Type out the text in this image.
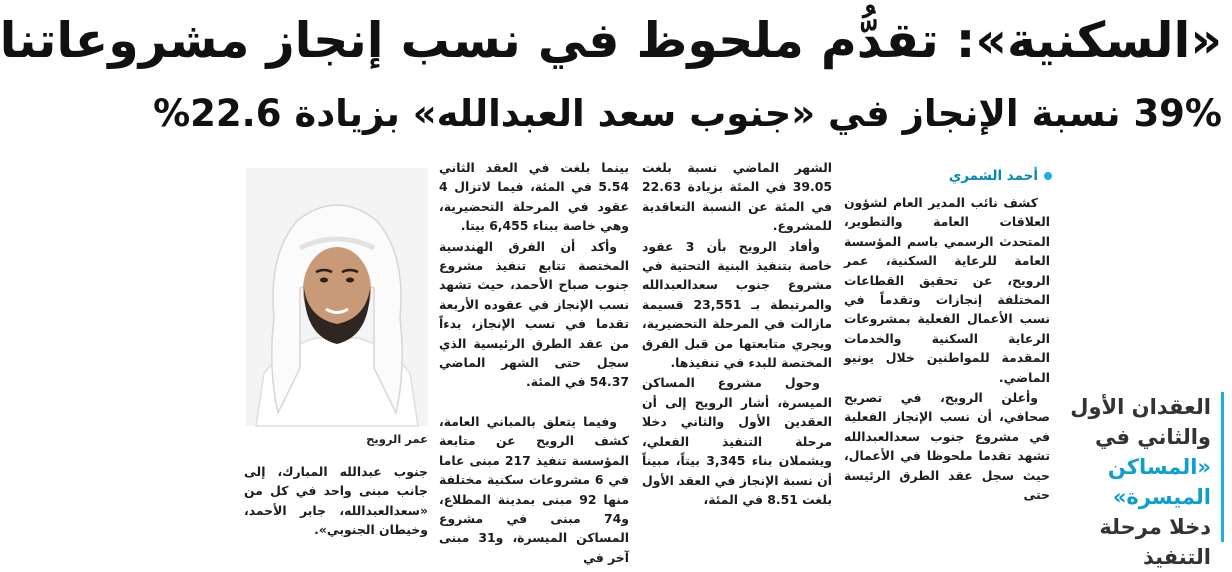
«السكنية»: تقدُّم ملحوظ في نسب إنجاز مشروعاتنا
39% نسبة الإنجاز في «جنوب سعد العبدالله» بزيادة 22.6%
أحمد الشمري

كشف نائب المدير العام لشؤون العلاقات العامة والتطوير، المتحدث الرسمي باسم المؤسسة العامة للرعاية السكنية، عمر الرويح، عن تحقيق القطاعات المختلفة إنجازات وتقدماً في نسب الأعمال الفعلية بمشروعات الرعاية السكنية والخدمات المقدمة للمواطنين خلال يونيو الماضي.

وأعلن الرويح، في تصريح صحافي، أن نسب الإنجاز الفعلية في مشروع جنوب سعدالعبدالله تشهد تقدما ملحوظا في الأعمال، حيث سجل عقد الطرق الرئيسة حتى

الشهر الماضي نسبة بلغت 39.05 في المئة بزيادة 22.63 في المئة عن النسبة التعاقدية للمشروع.

وأفاد الرويح بأن 3 عقود خاصة بتنفيذ البنية التحتية في مشروع جنوب سعدالعبدالله والمرتبطة بـ 23,551 قسيمة مازالت في المرحلة التحضيرية، ويجري متابعتها من قبل الفرق المختصة للبدء في تنفيذها.

وحول مشروع المساكن الميسرة، أشار الرويح إلى أن العقدين الأول والثاني دخلا مرحلة التنفيذ الفعلي، ويشملان بناء 3,345 بيتاً، مبيناً أن نسبة الإنجاز في العقد الأول بلغت 8.51 في المئة،

بينما بلغت في العقد الثاني 5.54 في المئة، فيما لاتزال 4 عقود في المرحلة التحضيرية، وهي خاصة ببناء 6,455 بيتا.

وأكد أن الفرق الهندسية المختصة تتابع تنفيذ مشروع جنوب صباح الأحمد، حيث تشهد نسب الإنجاز في عقوده الأربعة تقدما في نسب الإنجاز، بدءاً من عقد الطرق الرئيسية الذي سجل حتى الشهر الماضي 54.37 في المئة.

وفيما يتعلق بالمباني العامة، كشف الرويح عن متابعة المؤسسة تنفيذ 217 مبنى عاما في 6 مشروعات سكنية مختلفة منها 92 مبنى بمدينة المطلاع، و74 مبنى في مشروع المساكن الميسرة، و31 مبنى آخر في

عمر الرويح

جنوب عبدالله المبارك، إلى جانب مبنى واحد في كل من «سعدالعبدالله، جابر الأحمد، وخيطان الجنوبي».

العقدان الأول والثاني في «المساكن الميسرة» دخلا مرحلة التنفيذ
